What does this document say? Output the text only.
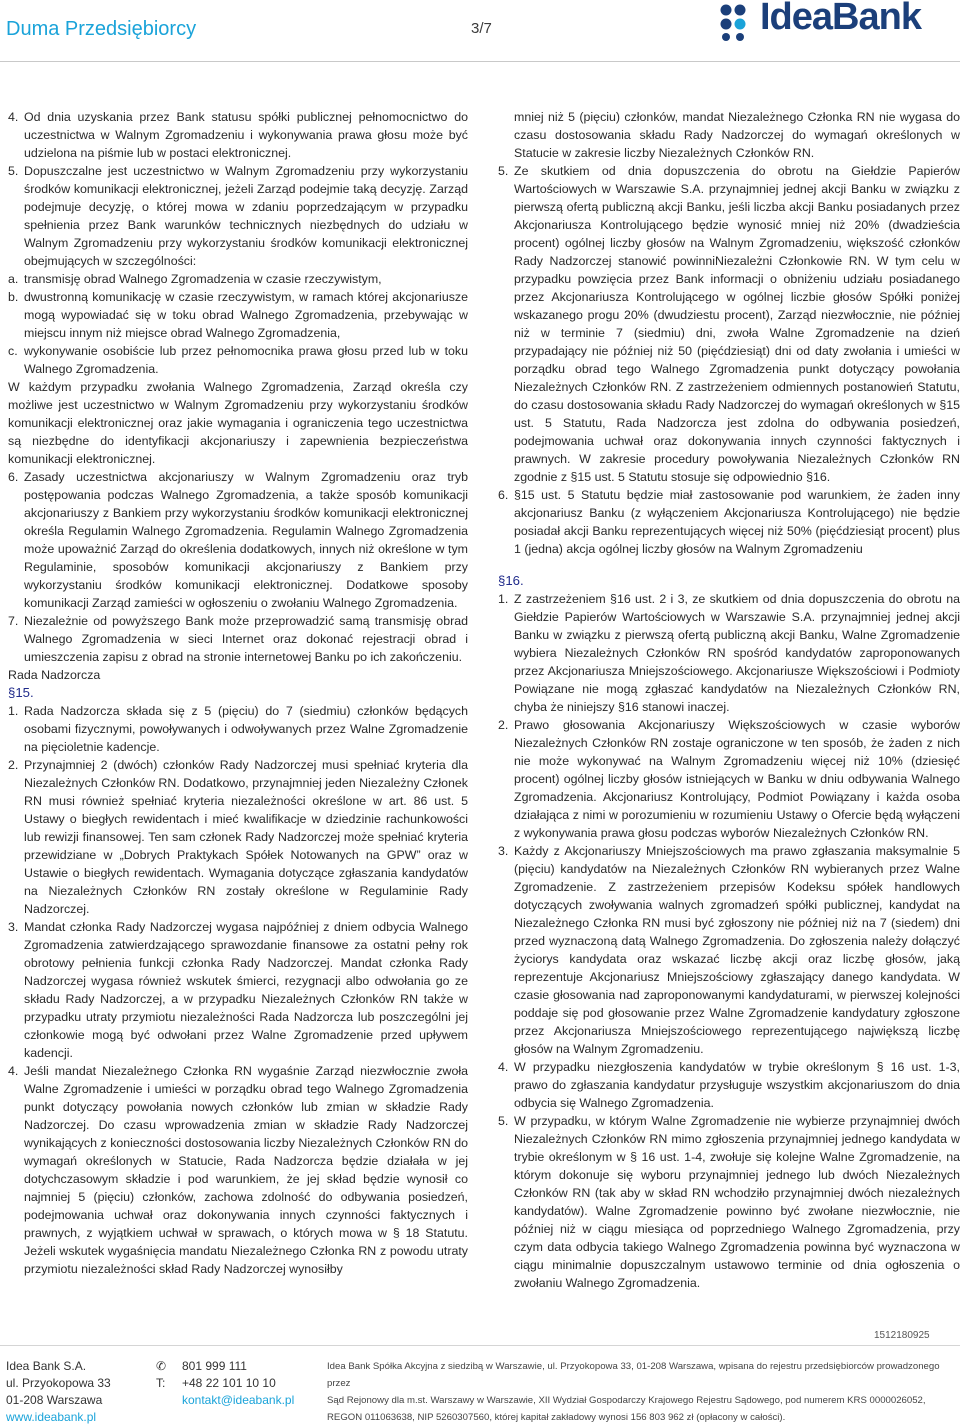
Duma Przedsiębiorcy	3/7	IdeaBank
4. Od dnia uzyskania przez Bank statusu spółki publicznej pełnomocnictwo do uczestnictwa w Walnym Zgromadzeniu i wykonywania prawa głosu może być udzielona na piśmie lub w postaci elektronicznej.
5. Dopuszczalne jest uczestnictwo w Walnym Zgromadzeniu przy wykorzystaniu środków komunikacji elektronicznej, jeżeli Zarząd podejmie taką decyzję. Zarząd podejmuje decyzję, o której mowa w zdaniu poprzedzającym w przypadku spełnienia przez Bank warunków technicznych niezbędnych do udziału w Walnym Zgromadzeniu przy wykorzystaniu środków komunikacji elektronicznej obejmujących w szczególności:
a. transmisję obrad Walnego Zgromadzenia w czasie rzeczywistym,
b. dwustronną komunikację w czasie rzeczywistym, w ramach której akcjonariusze mogą wypowiadać się w toku obrad Walnego Zgromadzenia, przebywając w miejscu innym niż miejsce obrad Walnego Zgromadzenia,
c. wykonywanie osobiście lub przez pełnomocnika prawa głosu przed lub w toku Walnego Zgromadzenia.

W każdym przypadku zwołania Walnego Zgromadzenia, Zarząd określa czy możliwe jest uczestnictwo w Walnym Zgromadzeniu przy wykorzystaniu środków komunikacji elektronicznej oraz jakie wymagania i ograniczenia tego uczestnictwa są niezbędne do identyfikacji akcjonariuszy i zapewnienia bezpieczeństwa komunikacji elektronicznej.

6. Zasady uczestnictwa akcjonariuszy w Walnym Zgromadzeniu oraz tryb postępowania podczas Walnego Zgromadzenia, a także sposób komunikacji akcjonariuszy z Bankiem przy wykorzystaniu środków komunikacji elektronicznej określa Regulamin Walnego Zgromadzenia. Regulamin Walnego Zgromadzenia może upoważnić Zarząd do określenia dodatkowych, innych niż określone w tym Regulaminie, sposobów komunikacji akcjonariuszy z Bankiem przy wykorzystaniu środków komunikacji elektronicznej. Dodatkowe sposoby komunikacji Zarząd zamieści w ogłoszeniu o zwołaniu Walnego Zgromadzenia.
7. Niezależnie od powyższego Bank może przeprowadzić samą transmisję obrad Walnego Zgromadzenia w sieci Internet oraz dokonać rejestracji obrad i umieszczenia zapisu z obrad na stronie internetowej Banku po ich zakończeniu.

Rada Nadzorcza

§15.

1. Rada Nadzorcza składa się z 5 (pięciu) do 7 (siedmiu) członków będących osobami fizycznymi, powoływanych i odwoływanych przez Walne Zgromadzenie na pięcioletnie kadencje.
2. Przynajmniej 2 (dwóch) członków Rady Nadzorczej musi spełniać kryteria dla Niezależnych Członków RN. Dodatkowo, przynajmniej jeden Niezależny Członek RN musi również spełniać kryteria niezależności określone w art. 86 ust. 5 Ustawy o biegłych rewidentach i mieć kwalifikacje w dziedzinie rachunkowości lub rewizji finansowej. Ten sam członek Rady Nadzorczej może spełniać kryteria przewidziane w „Dobrych Praktykach Spółek Notowanych na GPW” oraz w Ustawie o biegłych rewidentach. Wymagania dotyczące zgłaszania kandydatów na Niezależnych Członków RN zostały określone w Regulaminie Rady Nadzorczej.
3. Mandat członka Rady Nadzorczej wygasa najpóźniej z dniem odbycia Walnego Zgromadzenia zatwierdzającego sprawozdanie finansowe za ostatni pełny rok obrotowy pełnienia funkcji członka Rady Nadzorczej. Mandat członka Rady Nadzorczej wygasa również wskutek śmierci, rezygnacji albo odwołania go ze składu Rady Nadzorczej, a w przypadku Niezależnych Członków RN także w przypadku utraty przymiotu niezależności Rada Nadzorcza lub poszczególni jej członkowie mogą być odwołani przez Walne Zgromadzenie przed upływem kadencji.
4. Jeśli mandat Niezależnego Członka RN wygaśnie Zarząd niezwłocznie zwoła Walne Zgromadzenie i umieści w porządku obrad tego Walnego Zgromadzenia punkt dotyczący powołania nowych członków lub zmian w składzie Rady Nadzorczej. Do czasu wprowadzenia zmian w składzie Rady Nadzorczej wynikających z konieczności dostosowania liczby Niezależnych Członków RN do wymagań określonych w Statucie, Rada Nadzorcza będzie działała w jej dotychczasowym składzie i pod warunkiem, że jej skład będzie wynosił co najmniej 5 (pięciu) członków, zachowa zdolność do odbywania posiedzeń, podejmowania uchwał oraz dokonywania innych czynności faktycznych i prawnych, z wyjątkiem uchwał w sprawach, o których mowa w § 18 Statutu. Jeżeli wskutek wygaśnięcia mandatu Niezależnego Członka RN z powodu utraty przymiotu niezależności skład Rady Nadzorczej wynosiłby

mniej niż 5 (pięciu) członków, mandat Niezależnego Członka RN nie wygasa do czasu dostosowania składu Rady Nadzorczej do wymagań określonych w Statucie w zakresie liczby Niezależnych Członków RN.

5. Ze skutkiem od dnia dopuszczenia do obrotu na Giełdzie Papierów Wartościowych w Warszawie S.A. przynajmniej jednej akcji Banku w związku z pierwszą ofertą publiczną akcji Banku, jeśli liczba akcji Banku posiadanych przez Akcjonariusza Kontrolującego będzie wynosić mniej niż 20% (dwadzieścia procent) ogólnej liczby głosów na Walnym Zgromadzeniu, większość członków Rady Nadzorczej stanowić powinniNiezależni Członkowie RN. W tym celu w przypadku powzięcia przez Bank informacji o obniżeniu udziału posiadanego przez Akcjonariusza Kontrolującego w ogólnej liczbie głosów Spółki poniżej wskazanego progu 20% (dwudziestu procent), Zarząd niezwłocznie, nie później niż w terminie 7 (siedmiu) dni, zwoła Walne Zgromadzenie na dzień przypadający nie później niż 50 (pięćdziesiąt) dni od daty zwołania i umieści w porządku obrad tego Walnego Zgromadzenia punkt dotyczący powołania Niezależnych Członków RN. Z zastrzeżeniem odmiennych postanowień Statutu, do czasu dostosowania składu Rady Nadzorczej do wymagań określonych w §15 ust. 5 Statutu, Rada Nadzorcza jest zdolna do odbywania posiedzeń, podejmowania uchwał oraz dokonywania innych czynności faktycznych i prawnych. W zakresie procedury powoływania Niezależnych Członków RN zgodnie z §15 ust. 5 Statutu stosuje się odpowiednio §16.
6. §15 ust. 5 Statutu będzie miał zastosowanie pod warunkiem, że żaden inny akcjonariusz Banku (z wyłączeniem Akcjonariusza Kontrolującego) nie będzie posiadał akcji Banku reprezentujących więcej niż 50% (pięćdziesiąt procent) plus 1 (jedna) akcja ogólnej liczby głosów na Walnym Zgromadzeniu

§16.

1. Z zastrzeżeniem §16 ust. 2 i 3, ze skutkiem od dnia dopuszczenia do obrotu na Giełdzie Papierów Wartościowych w Warszawie S.A. przynajmniej jednej akcji Banku w związku z pierwszą ofertą publiczną akcji Banku, Walne Zgromadzenie wybiera Niezależnych Członków RN spośród kandydatów zaproponowanych przez Akcjonariusza Mniejszościowego. Akcjonariusze Większościowi i Podmioty Powiązane nie mogą zgłaszać kandydatów na Niezależnych Członków RN, chyba że niniejszy §16 stanowi inaczej.
2. Prawo głosowania Akcjonariuszy Większościowych w czasie wyborów Niezależnych Członków RN zostaje ograniczone w ten sposób, że żaden z nich nie może wykonywać na Walnym Zgromadzeniu więcej niż 10% (dziesięć procent) ogólnej liczby głosów istniejących w Banku w dniu odbywania Walnego Zgromadzenia. Akcjonariusz Kontrolujący, Podmiot Powiązany i każda osoba działająca z nimi w porozumieniu w rozumieniu Ustawy o Ofercie będą wyłączeni z wykonywania prawa głosu podczas wyborów Niezależnych Członków RN.
3. Każdy z Akcjonariuszy Mniejszościowych ma prawo zgłaszania maksymalnie 5 (pięciu) kandydatów na Niezależnych Członków RN wybieranych przez Walne Zgromadzenie. Z zastrzeżeniem przepisów Kodeksu spółek handlowych dotyczących zwoływania walnych zgromadzeń spółki publicznej, kandydat na Niezależnego Członka RN musi być zgłoszony nie później niż na 7 (siedem) dni przed wyznaczoną datą Walnego Zgromadzenia. Do zgłoszenia należy dołączyć życiorys kandydata oraz wskazać liczbę akcji oraz liczbę głosów, jaką reprezentuje Akcjonariusz Mniejszościowy zgłaszający danego kandydata. W czasie głosowania nad zaproponowanymi kandydaturami, w pierwszej kolejności poddaje się pod głosowanie przez Walne Zgromadzenie kandydatury zgłoszone przez Akcjonariusza Mniejszościowego reprezentującego największą liczbę głosów na Walnym Zgromadzeniu.
4. W przypadku niezgłoszenia kandydatów w trybie określonym § 16 ust. 1-3, prawo do zgłaszania kandydatur przysługuje wszystkim akcjonariuszom do dnia odbycia się Walnego Zgromadzenia.
5. W przypadku, w którym Walne Zgromadzenie nie wybierze przynajmniej dwóch Niezależnych Członków RN mimo zgłoszenia przynajmniej jednego kandydata w trybie określonym w § 16 ust. 1-4, zwołuje się kolejne Walne Zgromadzenie, na którym dokonuje się wyboru przynajmniej jednego lub dwóch Niezależnych Członków RN (tak aby w skład RN wchodziło przynajmniej dwóch niezależnych kandydatów). Walne Zgromadzenie powinno być zwołane niezwłocznie, nie później niż w ciągu miesiąca od poprzedniego Walnego Zgromadzenia, przy czym data odbycia takiego Walnego Zgromadzenia powinna być wyznaczona w ciągu minimalnie dopuszczalnym ustawowo terminie od dnia ogłoszenia o zwołaniu Walnego Zgromadzenia.
1512180925
Idea Bank S.A.
ul. Przyokopowa 33
01-208 Warszawa
www.ideabank.pl
✆	801 999 111
T:	+48 22 101 10 10
kontakt@ideabank.pl
Idea Bank Spółka Akcyjna z siedzibą w Warszawie, ul. Przyokopowa 33, 01-208 Warszawa, wpisana do rejestru przedsiębiorców prowadzonego przez
Sąd Rejonowy dla m.st. Warszawy w Warszawie, XII Wydział Gospodarczy Krajowego Rejestru Sądowego, pod numerem KRS 0000026052,
REGON 011063638, NIP 5260307560, której kapitał zakładowy wynosi 156 803 962 zł (opłacony w całości).
